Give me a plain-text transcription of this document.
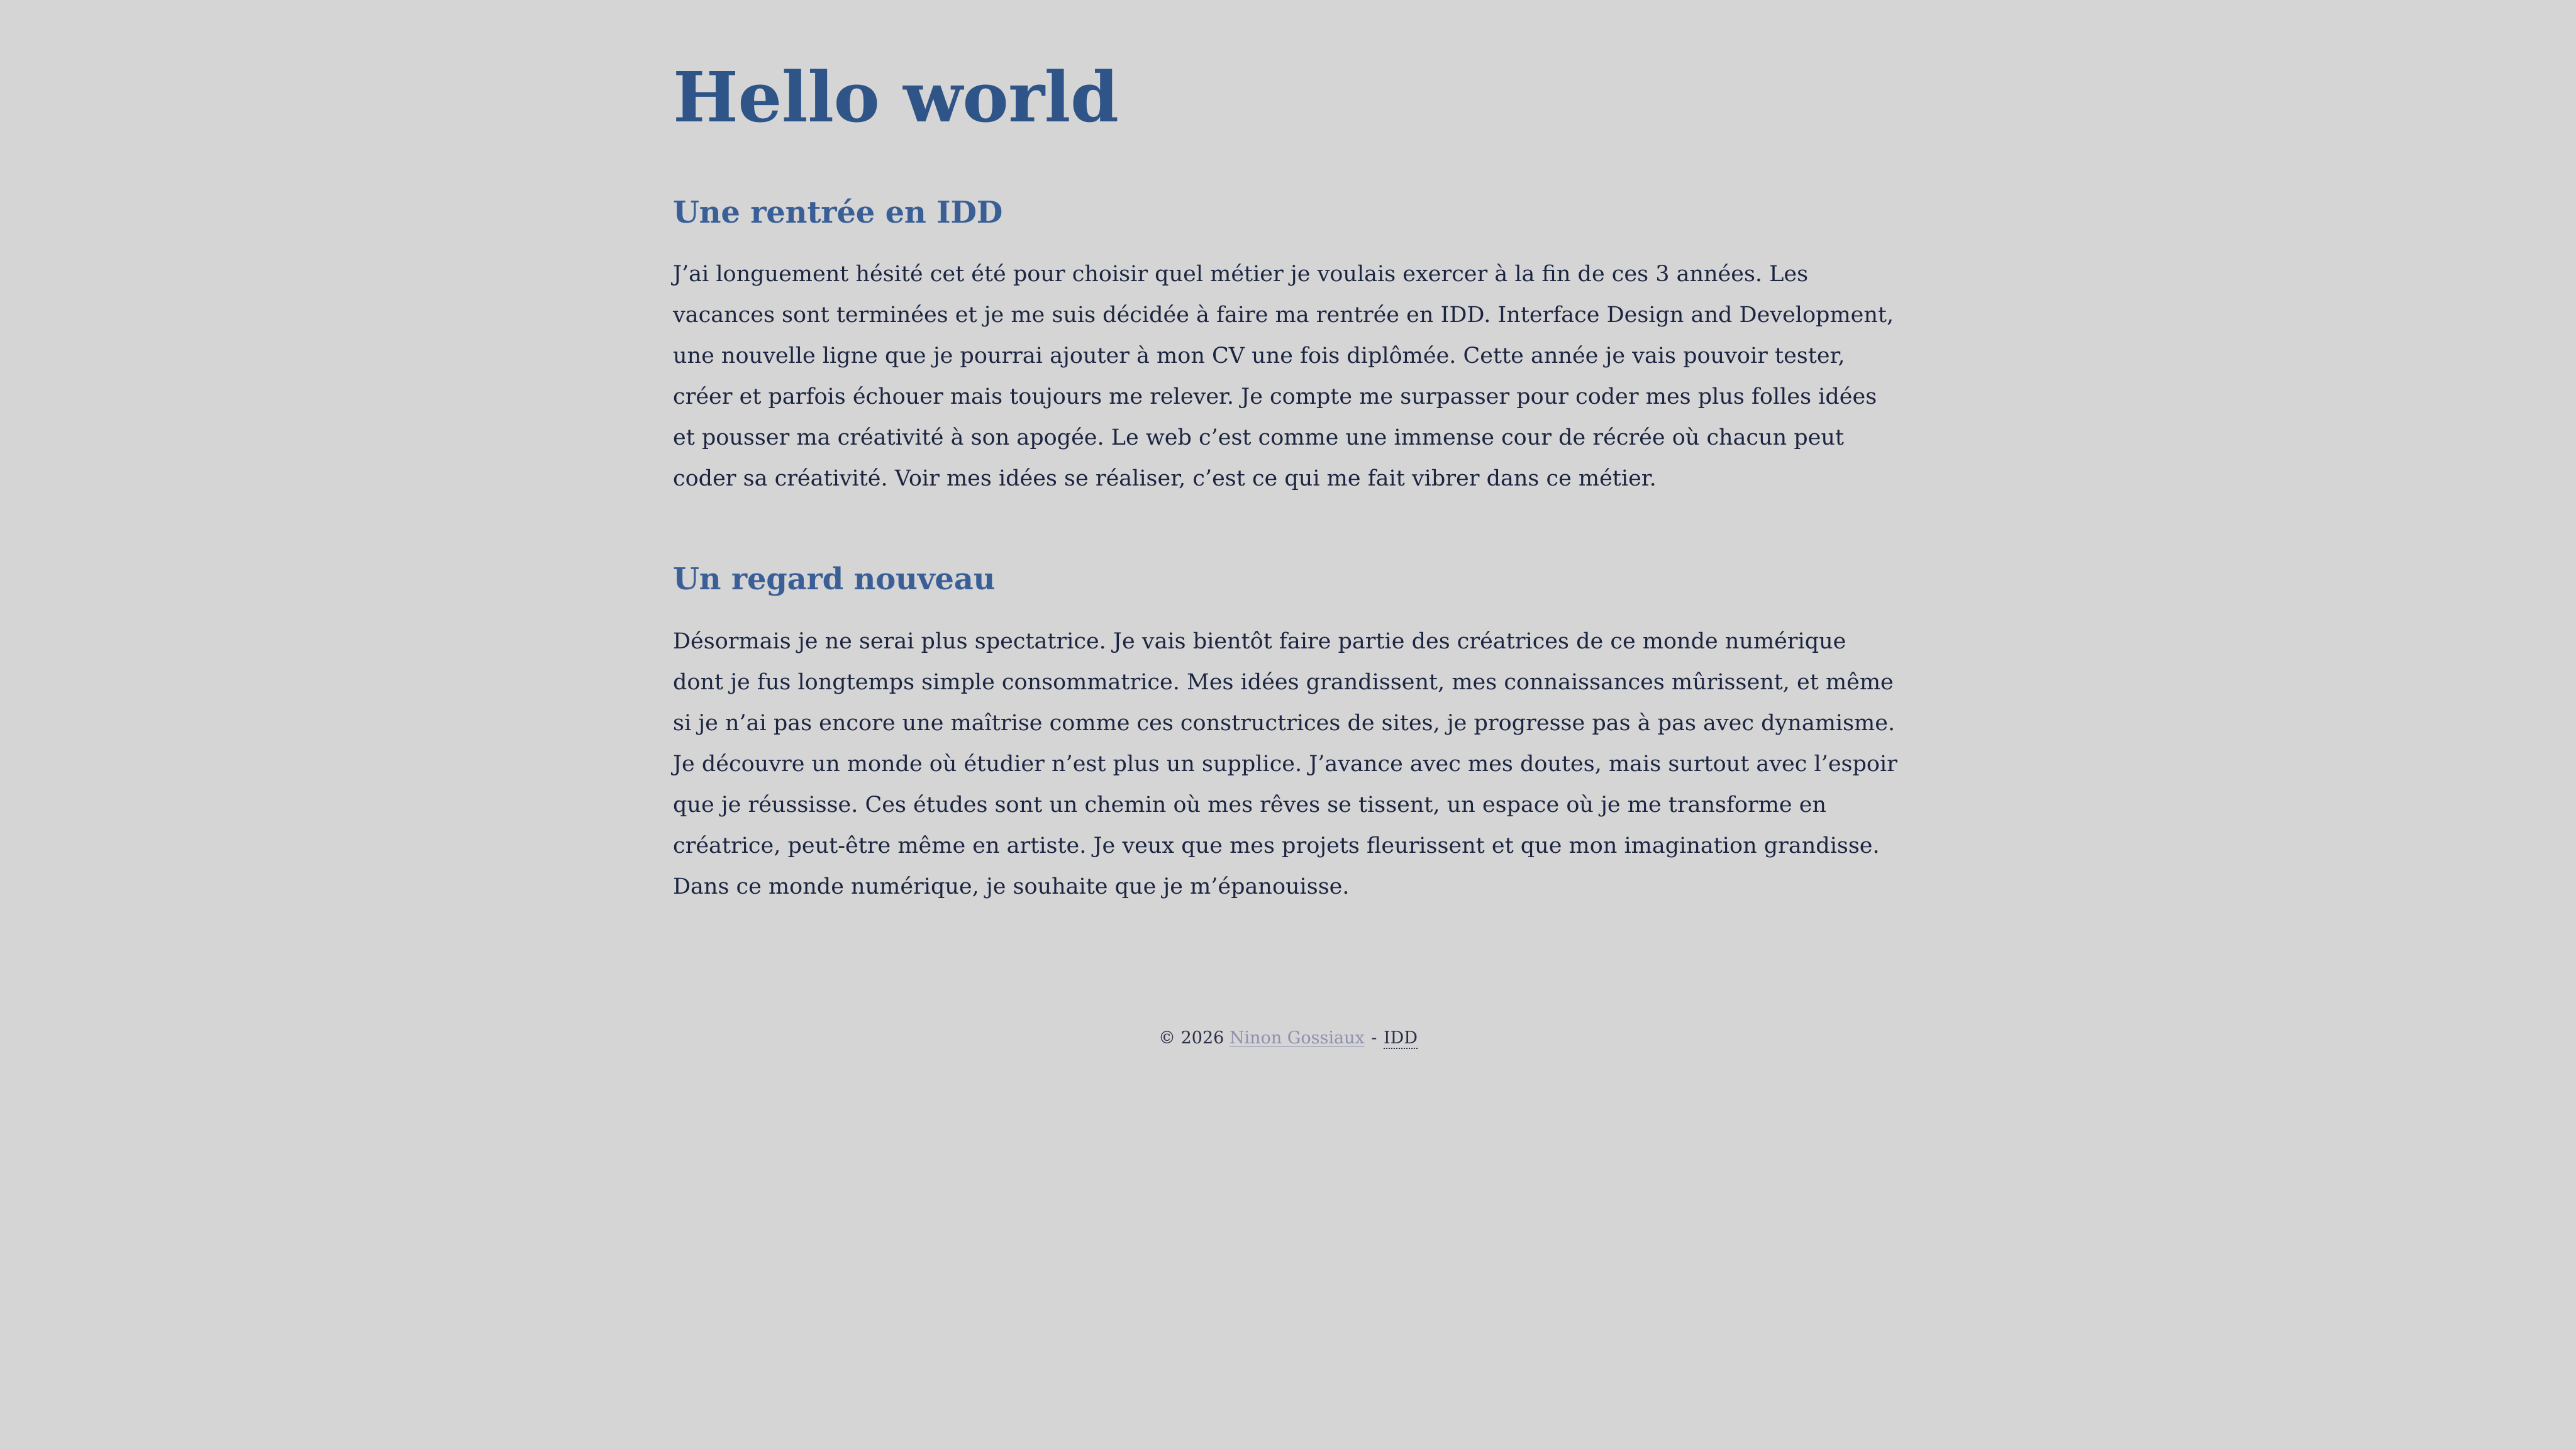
Hello world
Une rentrée en IDD

J’ai longuement hésité cet été pour choisir quel métier je voulais exercer à la fin de ces 3 années. Les vacances sont terminées et je me suis décidée à faire ma rentrée en IDD. Interface Design and Development, une nouvelle ligne que je pourrai ajouter à mon CV une fois diplômée. Cette année je vais pouvoir tester, créer et parfois échouer mais toujours me relever. Je compte me surpasser pour coder mes plus folles idées et pousser ma créativité à son apogée. Le web c’est comme une immense cour de récrée où chacun peut coder sa créativité. Voir mes idées se réaliser, c’est ce qui me fait vibrer dans ce métier.

Un regard nouveau

Désormais je ne serai plus spectatrice. Je vais bientôt faire partie des créatrices de ce monde numérique dont je fus longtemps simple consommatrice. Mes idées grandissent, mes connaissances mûrissent, et même si je n’ai pas encore une maîtrise comme ces constructrices de sites, je progresse pas à pas avec dynamisme. Je découvre un monde où étudier n’est plus un supplice. J’avance avec mes doutes, mais surtout avec l’espoir que je réussisse. Ces études sont un chemin où mes rêves se tissent, un espace où je me transforme en créatrice, peut-être même en artiste. Je veux que mes projets fleurissent et que mon imagination grandisse. Dans ce monde numérique, je souhaite que je m’épanouisse.

© 2026 Ninon Gossiaux - IDD
